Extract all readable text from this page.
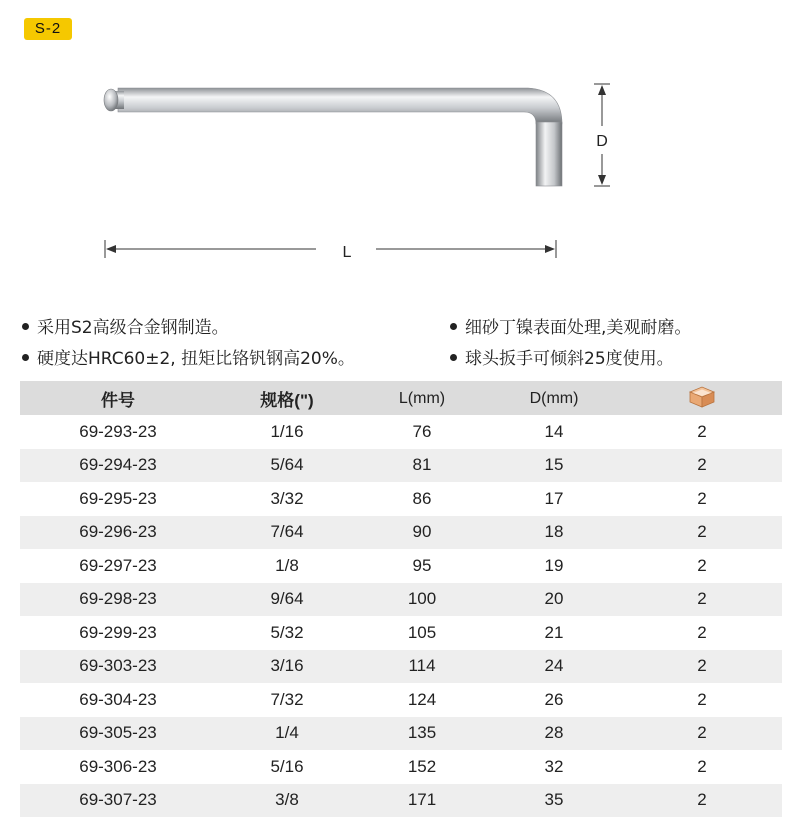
S-2
D
L
采用S2高级合金钢制造。
硬度达HRC60±2, 扭矩比铬钒钢高20%。
细砂丁镍表面处理,美观耐磨。
球头扳手可倾斜25度使用。
件号	规格(")	L(mm)	D(mm)	
69-293-23	1/16	76	14	2
69-294-23	5/64	81	15	2
69-295-23	3/32	86	17	2
69-296-23	7/64	90	18	2
69-297-23	1/8	95	19	2
69-298-23	9/64	100	20	2
69-299-23	5/32	105	21	2
69-303-23	3/16	114	24	2
69-304-23	7/32	124	26	2
69-305-23	1/4	135	28	2
69-306-23	5/16	152	32	2
69-307-23	3/8	171	35	2
